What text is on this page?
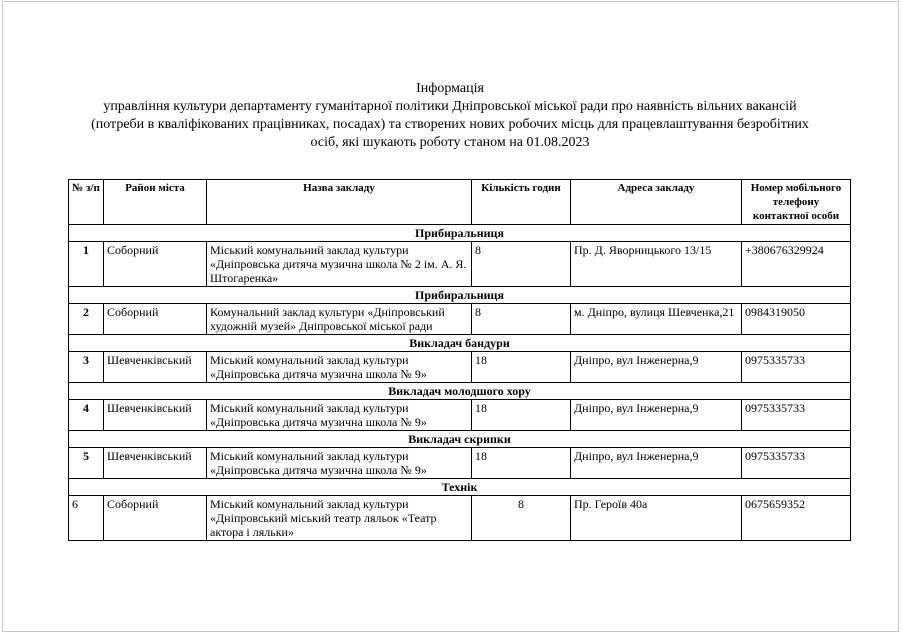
Інформація
управління культури департаменту гуманітарної політики Дніпровської міської ради про наявність вільних вакансій
(потреби в кваліфікованих працівниках, посадах) та створених нових робочих місць для працевлаштування безробітних
осіб, які шукають роботу станом на 01.08.2023
№ з/п	Район міста	Назва закладу	Кількість годин	Адреса закладу	Номер мобільного телефону контактної особи
Прибиральниця					
1	Соборний	Міський комунальний заклад культури «Дніпровська дитяча музична школа № 2 ім. А. Я. Штогаренка»	8	Пр. Д. Яворницького 13/15	+380676329924
Прибиральниця					
2	Соборний	Комунальний заклад культури «Дніпровський художній музей» Дніпровської міської ради	8	м. Дніпро, вулиця Шевченка,21	0984319050
Викладач бандури					
3	Шевченківський	Міський комунальний заклад культури «Дніпровська дитяча музична школа № 9»	18	Дніпро, вул Інженерна,9	0975335733
Викладач молодшого хору					
4	Шевченківський	Міський комунальний заклад культури «Дніпровська дитяча музична школа № 9»	18	Дніпро, вул Інженерна,9	0975335733
Викладач скрипки					
5	Шевченківський	Міський комунальний заклад культури «Дніпровська дитяча музична школа № 9»	18	Дніпро, вул Інженерна,9	0975335733
Технік					
6	Соборний	Міський комунальний заклад культури «Дніпровський міський театр ляльок «Театр актора і ляльки»	8	Пр. Героїв 40а	0675659352
